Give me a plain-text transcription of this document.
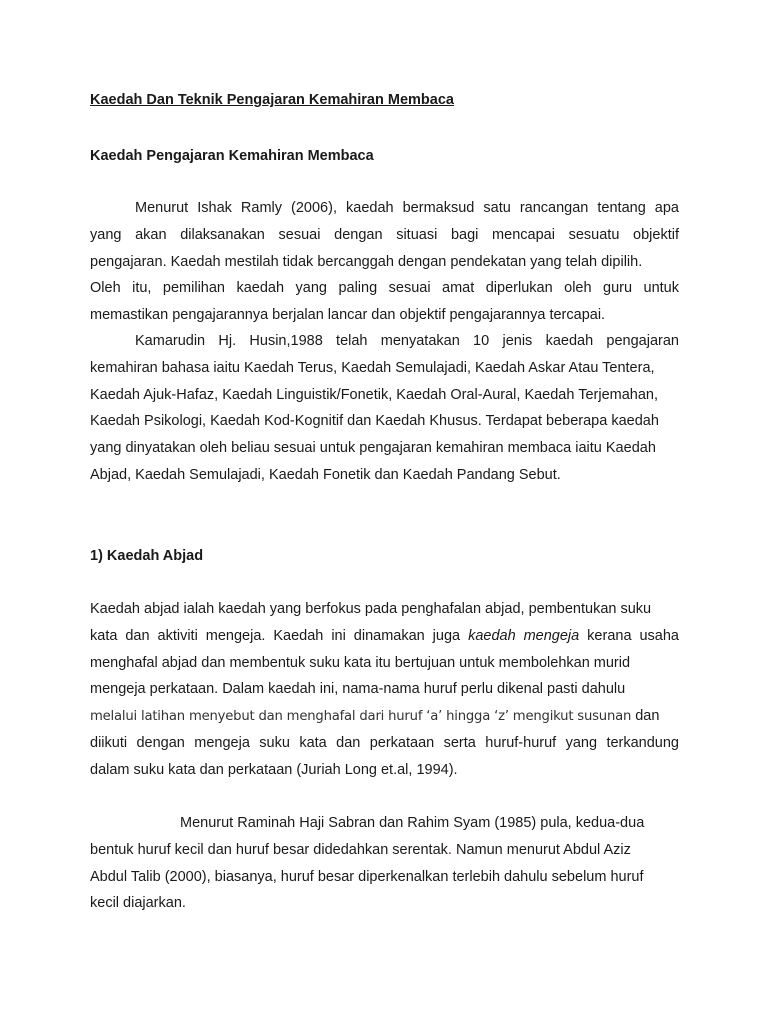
Kaedah Dan Teknik Pengajaran Kemahiran Membaca
Kaedah Pengajaran Kemahiran Membaca
Menurut Ishak Ramly (2006), kaedah bermaksud satu rancangan tentang apa
yang akan dilaksanakan sesuai dengan situasi bagi mencapai sesuatu objektif
pengajaran. Kaedah mestilah tidak bercanggah dengan pendekatan yang telah dipilih.
Oleh itu, pemilihan kaedah yang paling sesuai amat diperlukan oleh guru untuk
memastikan pengajarannya berjalan lancar dan objektif pengajarannya tercapai.
Kamarudin Hj. Husin,1988 telah menyatakan 10 jenis kaedah pengajaran
kemahiran bahasa iaitu Kaedah Terus, Kaedah Semulajadi, Kaedah Askar Atau Tentera,
Kaedah Ajuk-Hafaz, Kaedah Linguistik/Fonetik, Kaedah Oral-Aural, Kaedah Terjemahan,
Kaedah Psikologi, Kaedah Kod-Kognitif dan Kaedah Khusus. Terdapat beberapa kaedah
yang dinyatakan oleh beliau sesuai untuk pengajaran kemahiran membaca iaitu Kaedah
Abjad, Kaedah Semulajadi, Kaedah Fonetik dan Kaedah Pandang Sebut.
1) Kaedah Abjad
Kaedah abjad ialah kaedah yang berfokus pada penghafalan abjad, pembentukan suku
kata dan aktiviti mengeja. Kaedah ini dinamakan juga kaedah mengeja kerana usaha
menghafal abjad dan membentuk suku kata itu bertujuan untuk membolehkan murid
mengeja perkataan. Dalam kaedah ini, nama-nama huruf perlu dikenal pasti dahulu
melalui latihan menyebut dan menghafal dari huruf ‘a’ hingga ‘z’ mengikut susunan dan
diikuti dengan mengeja suku kata dan perkataan serta huruf-huruf yang terkandung
dalam suku kata dan perkataan (Juriah Long et.al, 1994).
Menurut Raminah Haji Sabran dan Rahim Syam (1985) pula, kedua-dua
bentuk huruf kecil dan huruf besar didedahkan serentak. Namun menurut Abdul Aziz
Abdul Talib (2000), biasanya, huruf besar diperkenalkan terlebih dahulu sebelum huruf
kecil diajarkan.
